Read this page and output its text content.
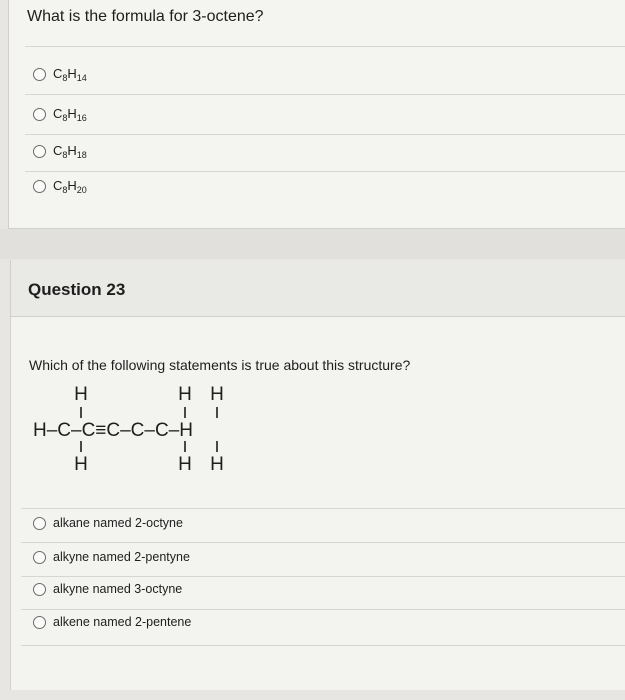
What is the formula for 3-octene?
$C_8H_{14}$
$C_8H_{16}$
$C_8H_{18}$
$C_8H_{20}$
Question 23
Which of the following statements is true about this structure?
H	H H
H–C–C≡C–C–C–H
H	H H
alkane named 2-octyne
alkyne named 2-pentyne
alkyne named 3-octyne
alkene named 2-pentene
